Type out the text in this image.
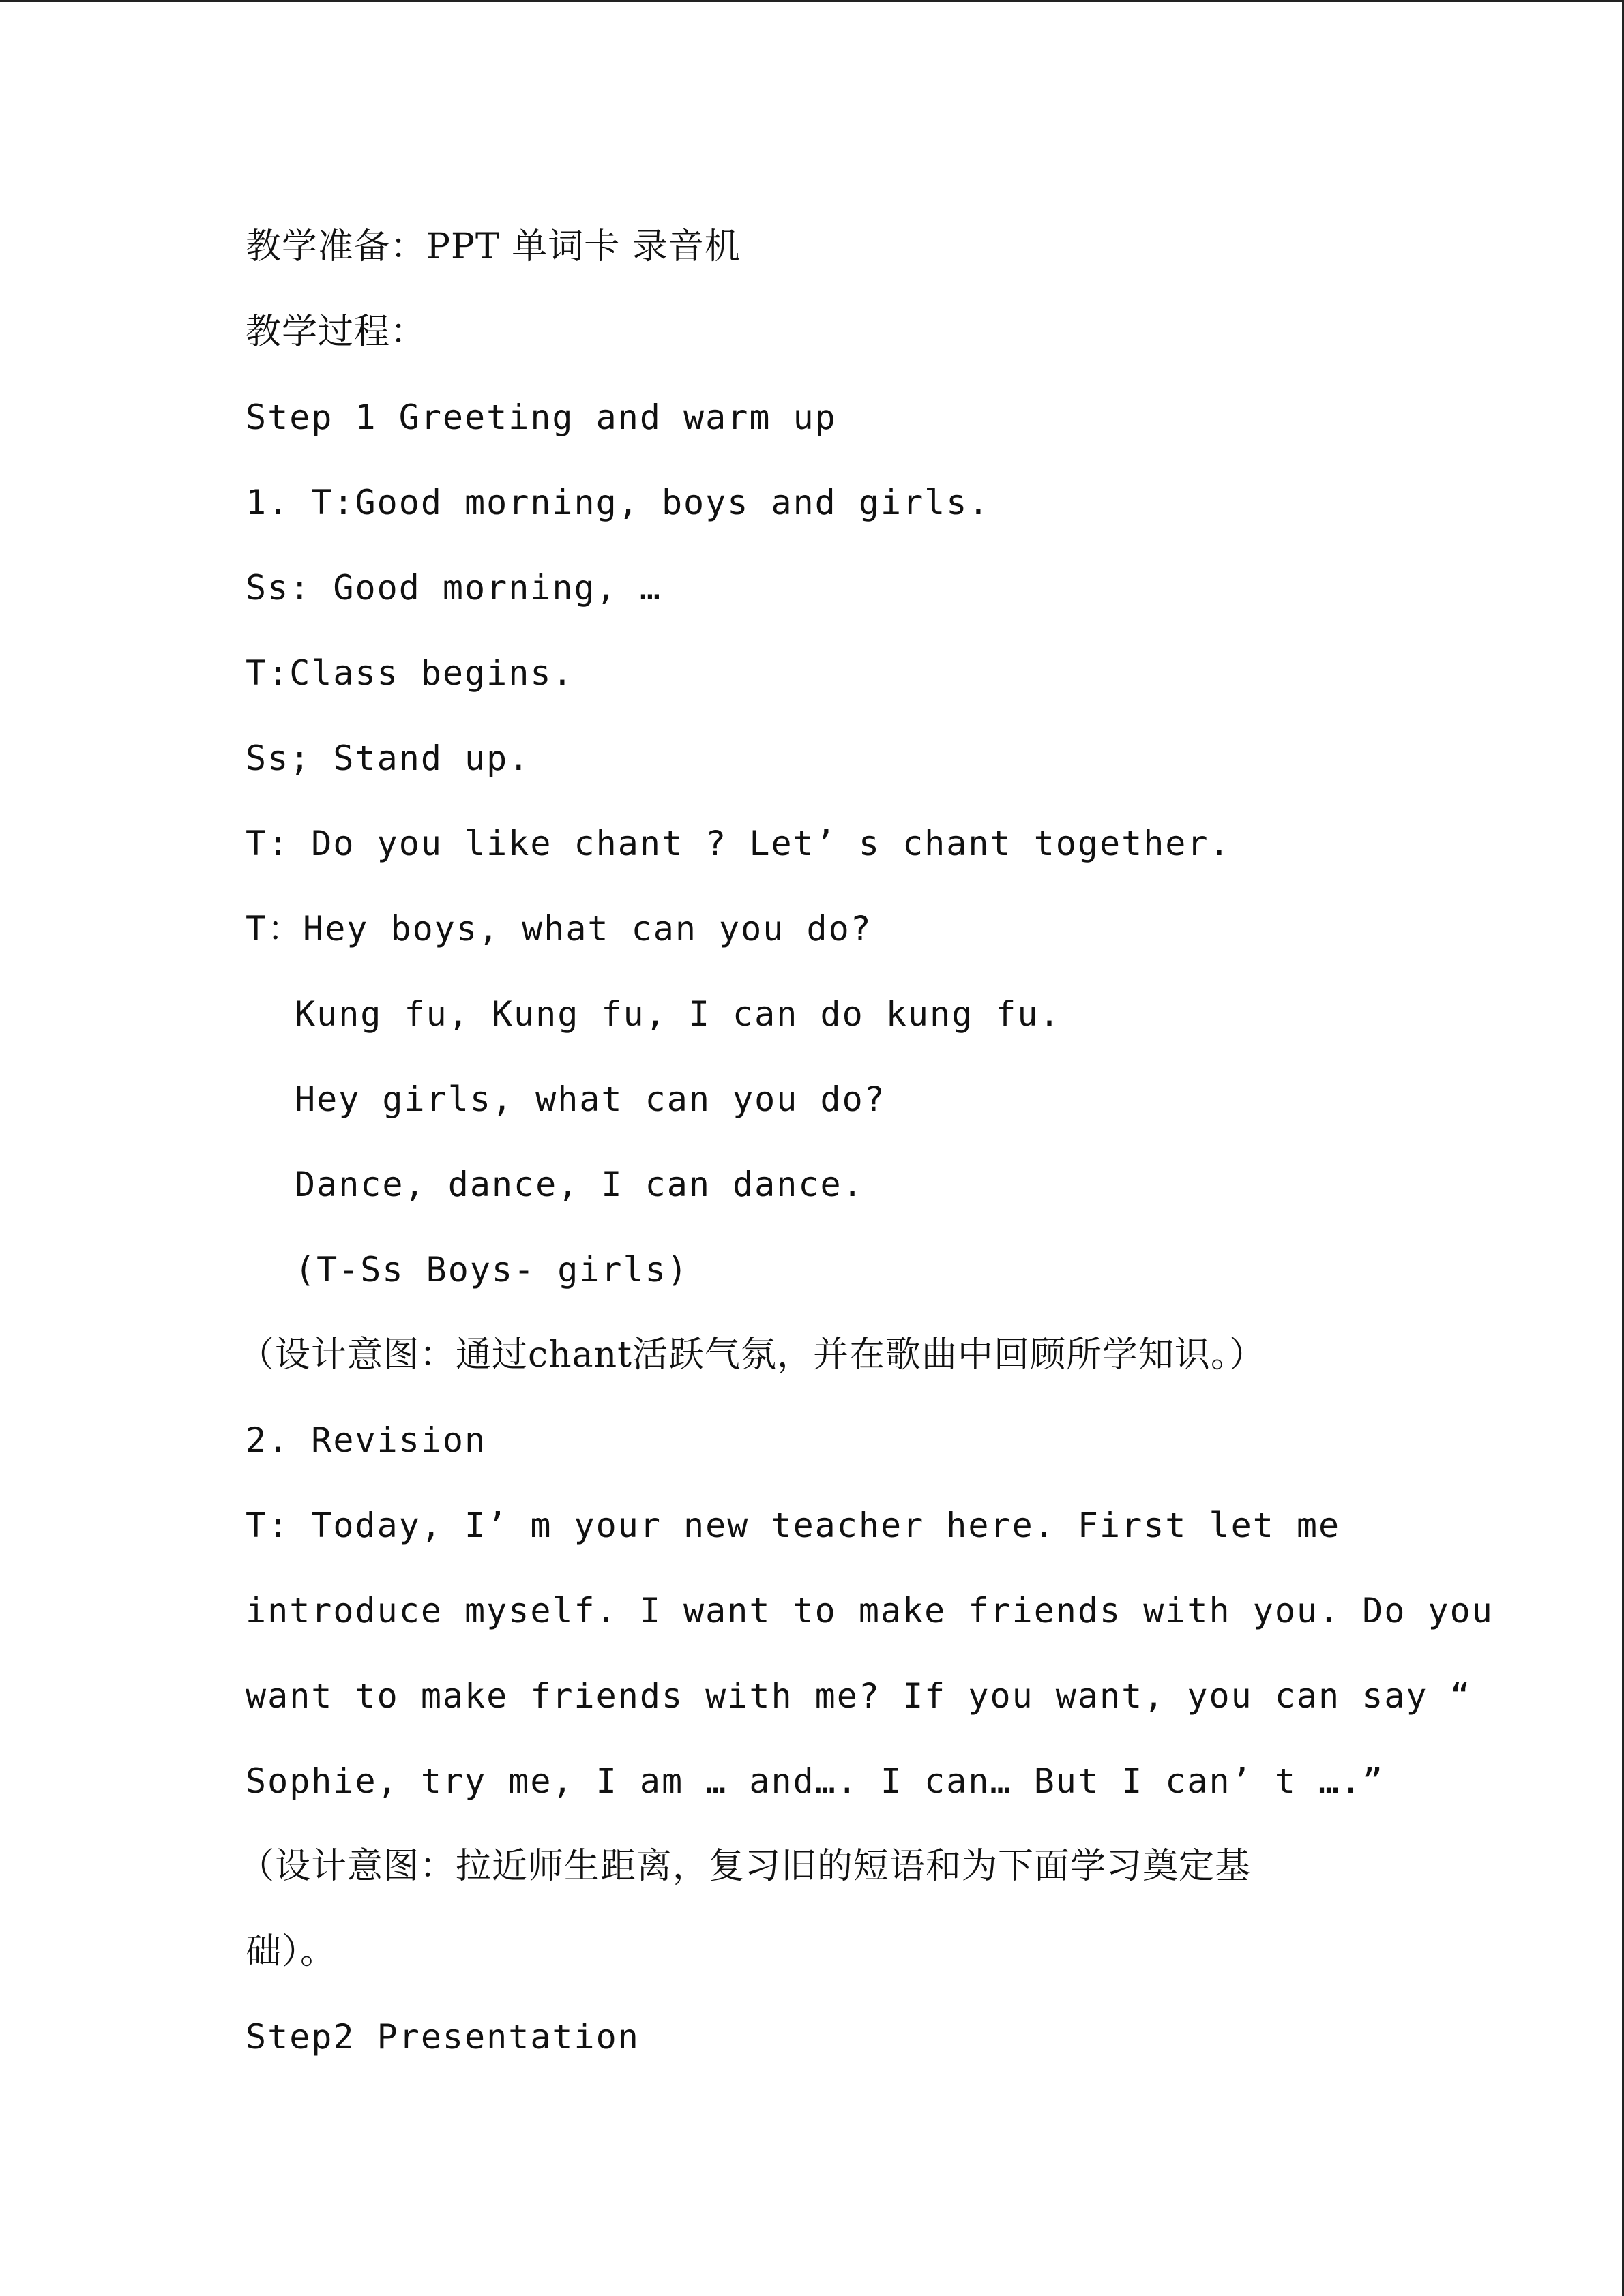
教学准备：PPT 单词卡 录音机
教学过程：
Step 1 Greeting and warm up
1. T:Good morning, boys and girls.
Ss: Good morning, …
T:Class begins.
Ss; Stand up.
T: Do you like chant ? Let’ s chant together.
T：Hey boys, what can you do?
Kung fu, Kung fu, I can do kung fu.
Hey girls, what can you do?
Dance, dance, I can dance.
(T-Ss Boys- girls)
（设计意图：通过chant活跃气氛，并在歌曲中回顾所学知识。）
2. Revision
T: Today, I’ m your new teacher here. First let me
introduce myself. I want to make friends with you. Do you
want to make friends with me? If you want, you can say “
Sophie, try me, I am … and…. I can… But I can’ t ….”
（设计意图：拉近师生距离，复习旧的短语和为下面学习奠定基
础）。
Step2 Presentation
